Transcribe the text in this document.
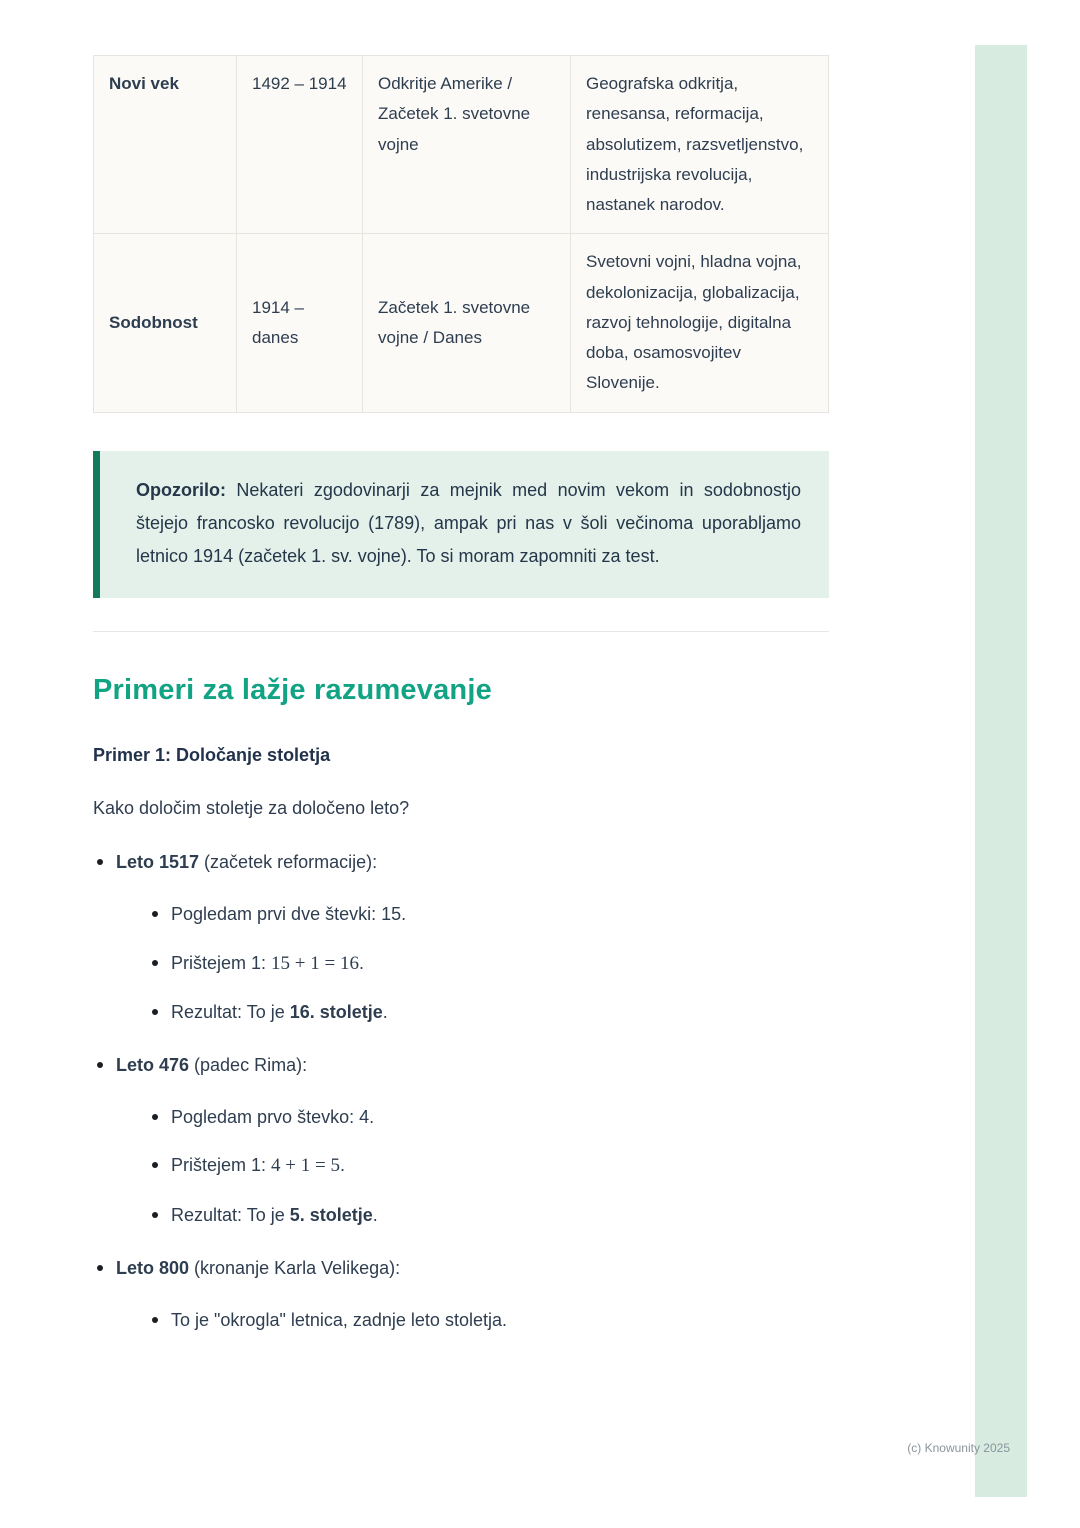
Novi vek	1492 – 1914	Odkritje Amerike / Začetek 1. svetovne vojne	Geografska odkritja, renesansa, reformacija, absolutizem, razsvetljenstvo, industrijska revolucija, nastanek narodov.
Sodobnost	1914 – danes	Začetek 1. svetovne vojne / Danes	Svetovni vojni, hladna vojna, dekolonizacija, globalizacija, razvoj tehnologije, digitalna doba, osamosvojitev Slovenije.
Opozorilo: Nekateri zgodovinarji za mejnik med novim vekom in sodobnostjo štejejo francosko revolucijo (1789), ampak pri nas v šoli večinoma uporabljamo letnico 1914 (začetek 1. sv. vojne). To si moram zapomniti za test.
Primeri za lažje razumevanje
Primer 1: Določanje stoletja
Kako določim stoletje za določeno leto?
Leto 1517 (začetek reformacije):
Pogledam prvi dve števki: 15.
Prištejem 1: 15 + 1 = 16.
Rezultat: To je 16. stoletje.
Leto 476 (padec Rima):
Pogledam prvo števko: 4.
Prištejem 1: 4 + 1 = 5.
Rezultat: To je 5. stoletje.
Leto 800 (kronanje Karla Velikega):
To je "okrogla" letnica, zadnje leto stoletja.
(c) Knowunity 2025
